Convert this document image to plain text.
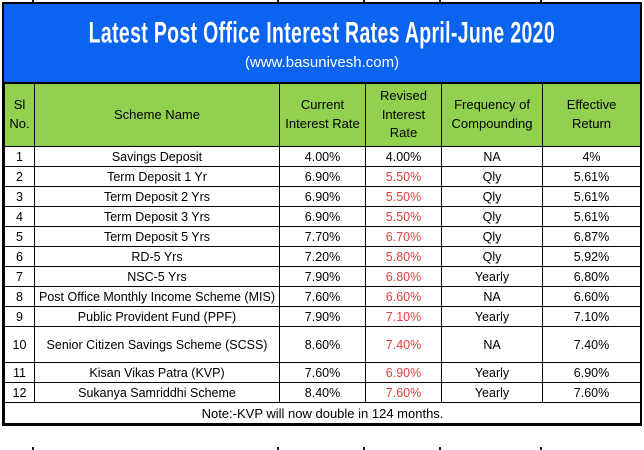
Latest Post Office Interest Rates April-June 2020
(www.basunivesh.com)
Sl No.	Scheme Name	Current Interest Rate	Revised Interest Rate	Frequency of Compounding	Effective Return
1	Savings Deposit	4.00%	4.00%	NA	4%
2	Term Deposit 1 Yr	6.90%	5.50%	Qly	5.61%
3	Term Deposit 2 Yrs	6.90%	5.50%	Qly	5.61%
4	Term Deposit 3 Yrs	6.90%	5.50%	Qly	5.61%
5	Term Deposit 5 Yrs	7.70%	6.70%	Qly	6.87%
6	RD-5 Yrs	7.20%	5.80%	Qly	5.92%
7	NSC-5 Yrs	7.90%	6.80%	Yearly	6.80%
8	Post Office Monthly Income Scheme (MIS)	7.60%	6.60%	NA	6.60%
9	Public Provident Fund (PPF)	7.90%	7.10%	Yearly	7.10%
10	Senior Citizen Savings Scheme (SCSS)	8.60%	7.40%	NA	7.40%
11	Kisan Vikas Patra (KVP)	7.60%	6.90%	Yearly	6.90%
12	Sukanya Samriddhi Scheme	8.40%	7.60%	Yearly	7.60%
Note:-KVP will now double in 124 months.					
